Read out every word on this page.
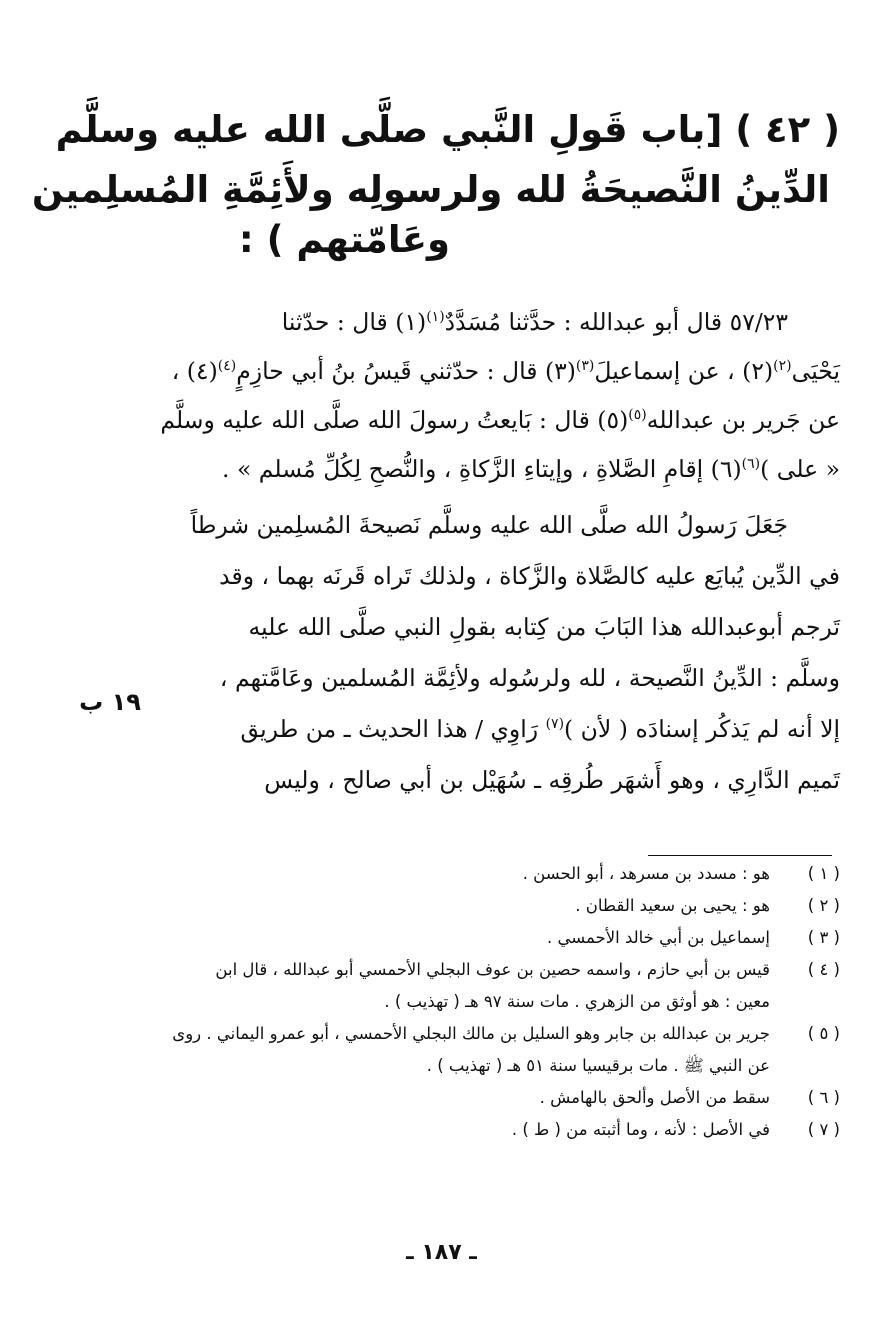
( ٤٢ ) [باب قَولِ النَّبي صلَّى الله عليه وسلَّم
الدِّينُ النَّصيحَةُ لله ولرسولِه ولأَئِمَّةِ المُسلِمين
وعَامّتهم ) :
٥٧/٢٣ قال أبو عبدالله : حدَّثنا مُسَدَّدٌ$^{(١)}$(١) قال : حدّثنا
يَحْيَى$^{(٢)}$(٢) ، عن إسماعيلَ$^{(٣)}$(٣) قال : حدّثني قَيسُ بنُ أبي حازِمٍ$^{(٤)}$(٤) ،
عن جَرير بن عبدالله$^{(٥)}$(٥) قال : بَايعتُ رسولَ الله صلَّى الله عليه وسلَّم
« على )$^{(٦)}$(٦) إقامِ الصَّلاةِ ، وإيتاءِ الزَّكاةِ ، والنُّصحِ لِكُلِّ مُسلم » .
جَعَلَ رَسولُ الله صلَّى الله عليه وسلَّم نَصيحةَ المُسلِمين شرطاً
في الدِّين يُبايَع عليه كالصَّلاة والزَّكاة ، ولذلك تَراه قَرنَه بهما ، وقد
تَرجم أبوعبدالله هذا البَابَ من كِتابه بقولِ النبي صلَّى الله عليه
وسلَّم : الدِّينُ النَّصيحة ، لله ولرسُوله ولأئِمَّة المُسلمين وعَامَّتهم ،
إلا أنه لم يَذكُر إسنادَه ( لأن )$^{(٧)}$ رَاوِي / هذا الحديث ـ من طريق
تَميم الدَّارِي ، وهو أَشهَر طُرقِه ـ سُهَيْل بن أبي صالح ، وليس
١٩ ب
( ١ )
هو : مسدد بن مسرهد ، أبو الحسن .
( ٢ )
هو : يحيى بن سعيد القطان .
( ٣ )
إسماعيل بن أبي خالد الأحمسي .
( ٤ )
قيس بن أبي حازم ، واسمه حصين بن عوف البجلي الأحمسي أبو عبدالله ، قال ابن
معين : هو أوثق من الزهري . مات سنة ٩٧ هـ ( تهذيب ) .
( ٥ )
جرير بن عبدالله بن جابر وهو السليل بن مالك البجلي الأحمسي ، أبو عمرو اليماني . روى
عن النبي ﷺ . مات برقيسيا سنة ٥١ هـ ( تهذيب ) .
( ٦ )
سقط من الأصل وألحق بالهامش .
( ٧ )
في الأصل : لأنه ، وما أثبته من ( ط ) .
ـ ١٨٧ ـ
